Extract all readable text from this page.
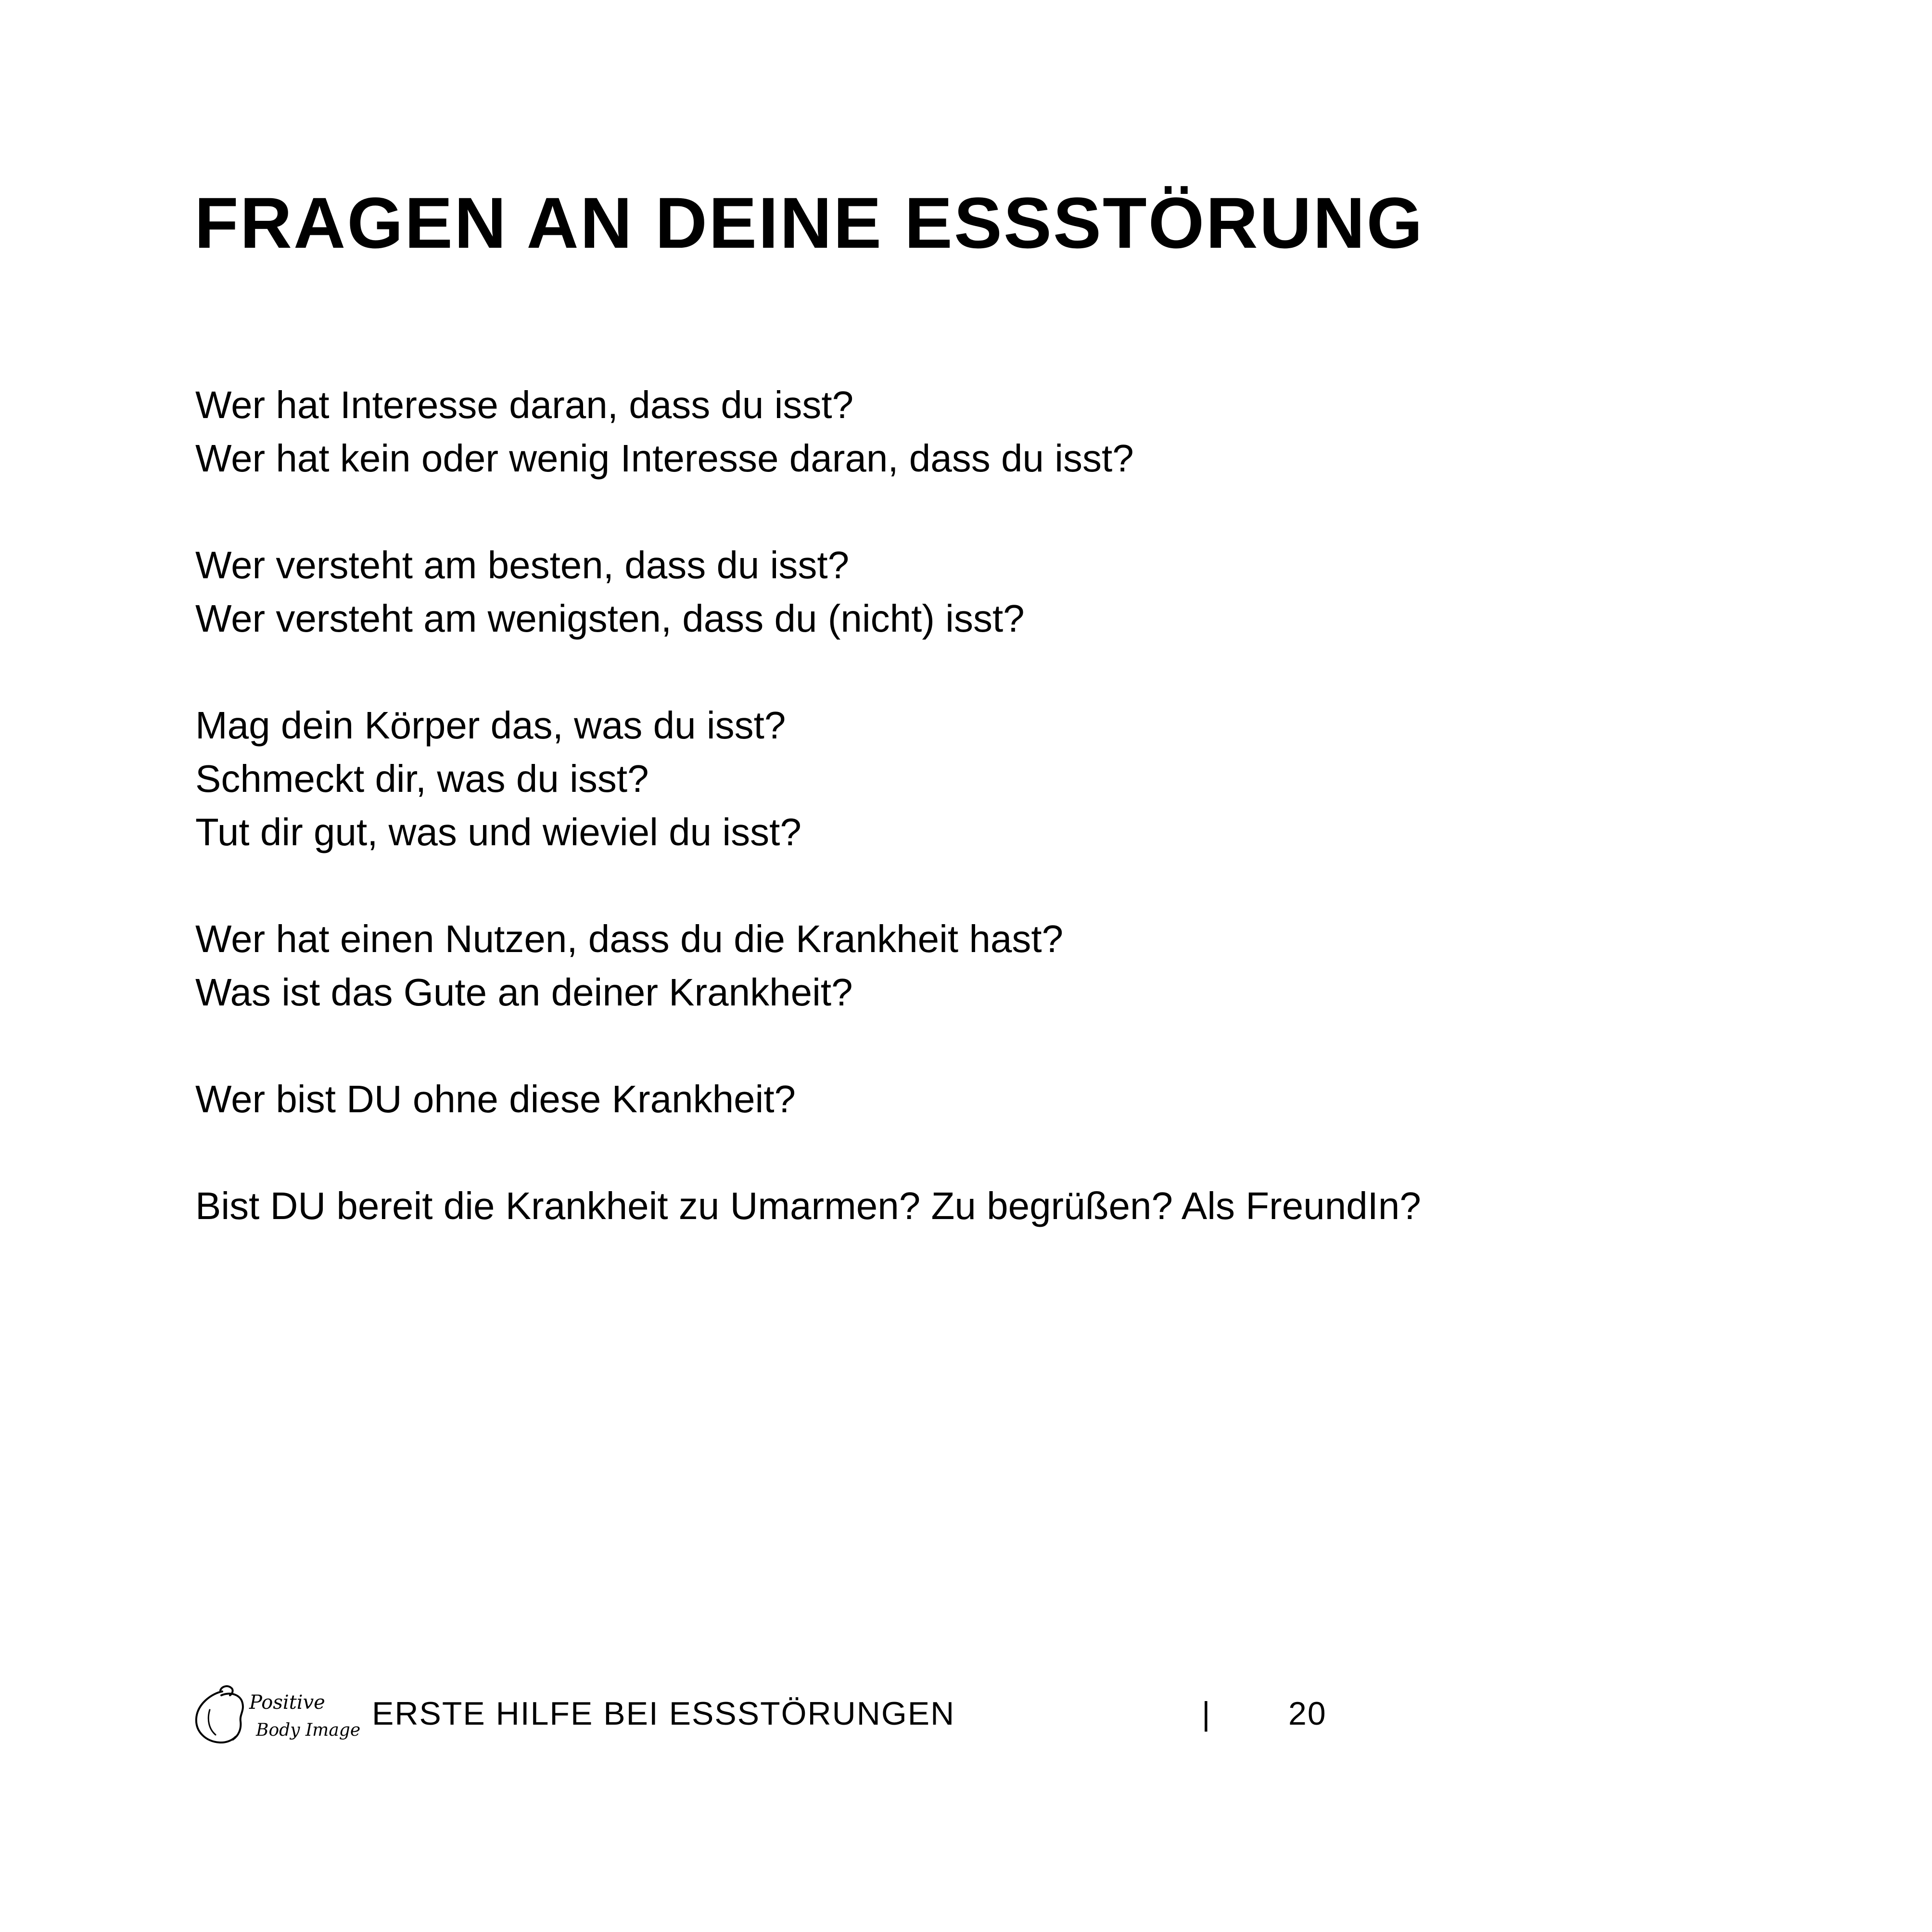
FRAGEN AN DEINE ESSSTÖRUNG
Wer hat Interesse daran, dass du isst?
Wer hat kein oder wenig Interesse daran, dass du isst?
Wer versteht am besten, dass du isst?
Wer versteht am wenigsten, dass du (nicht) isst?
Mag dein Körper das, was du isst?
Schmeckt dir, was du isst?
Tut dir gut, was und wieviel du isst?
Wer hat einen Nutzen, dass du die Krankheit hast?
Was ist das Gute an deiner Krankheit?
Wer bist DU ohne diese Krankheit?
Bist DU bereit die Krankheit zu Umarmen? Zu begrüßen? Als FreundIn?
Positive
Body Image ERSTE HILFE BEI ESSSTÖRUNGEN	| 20
